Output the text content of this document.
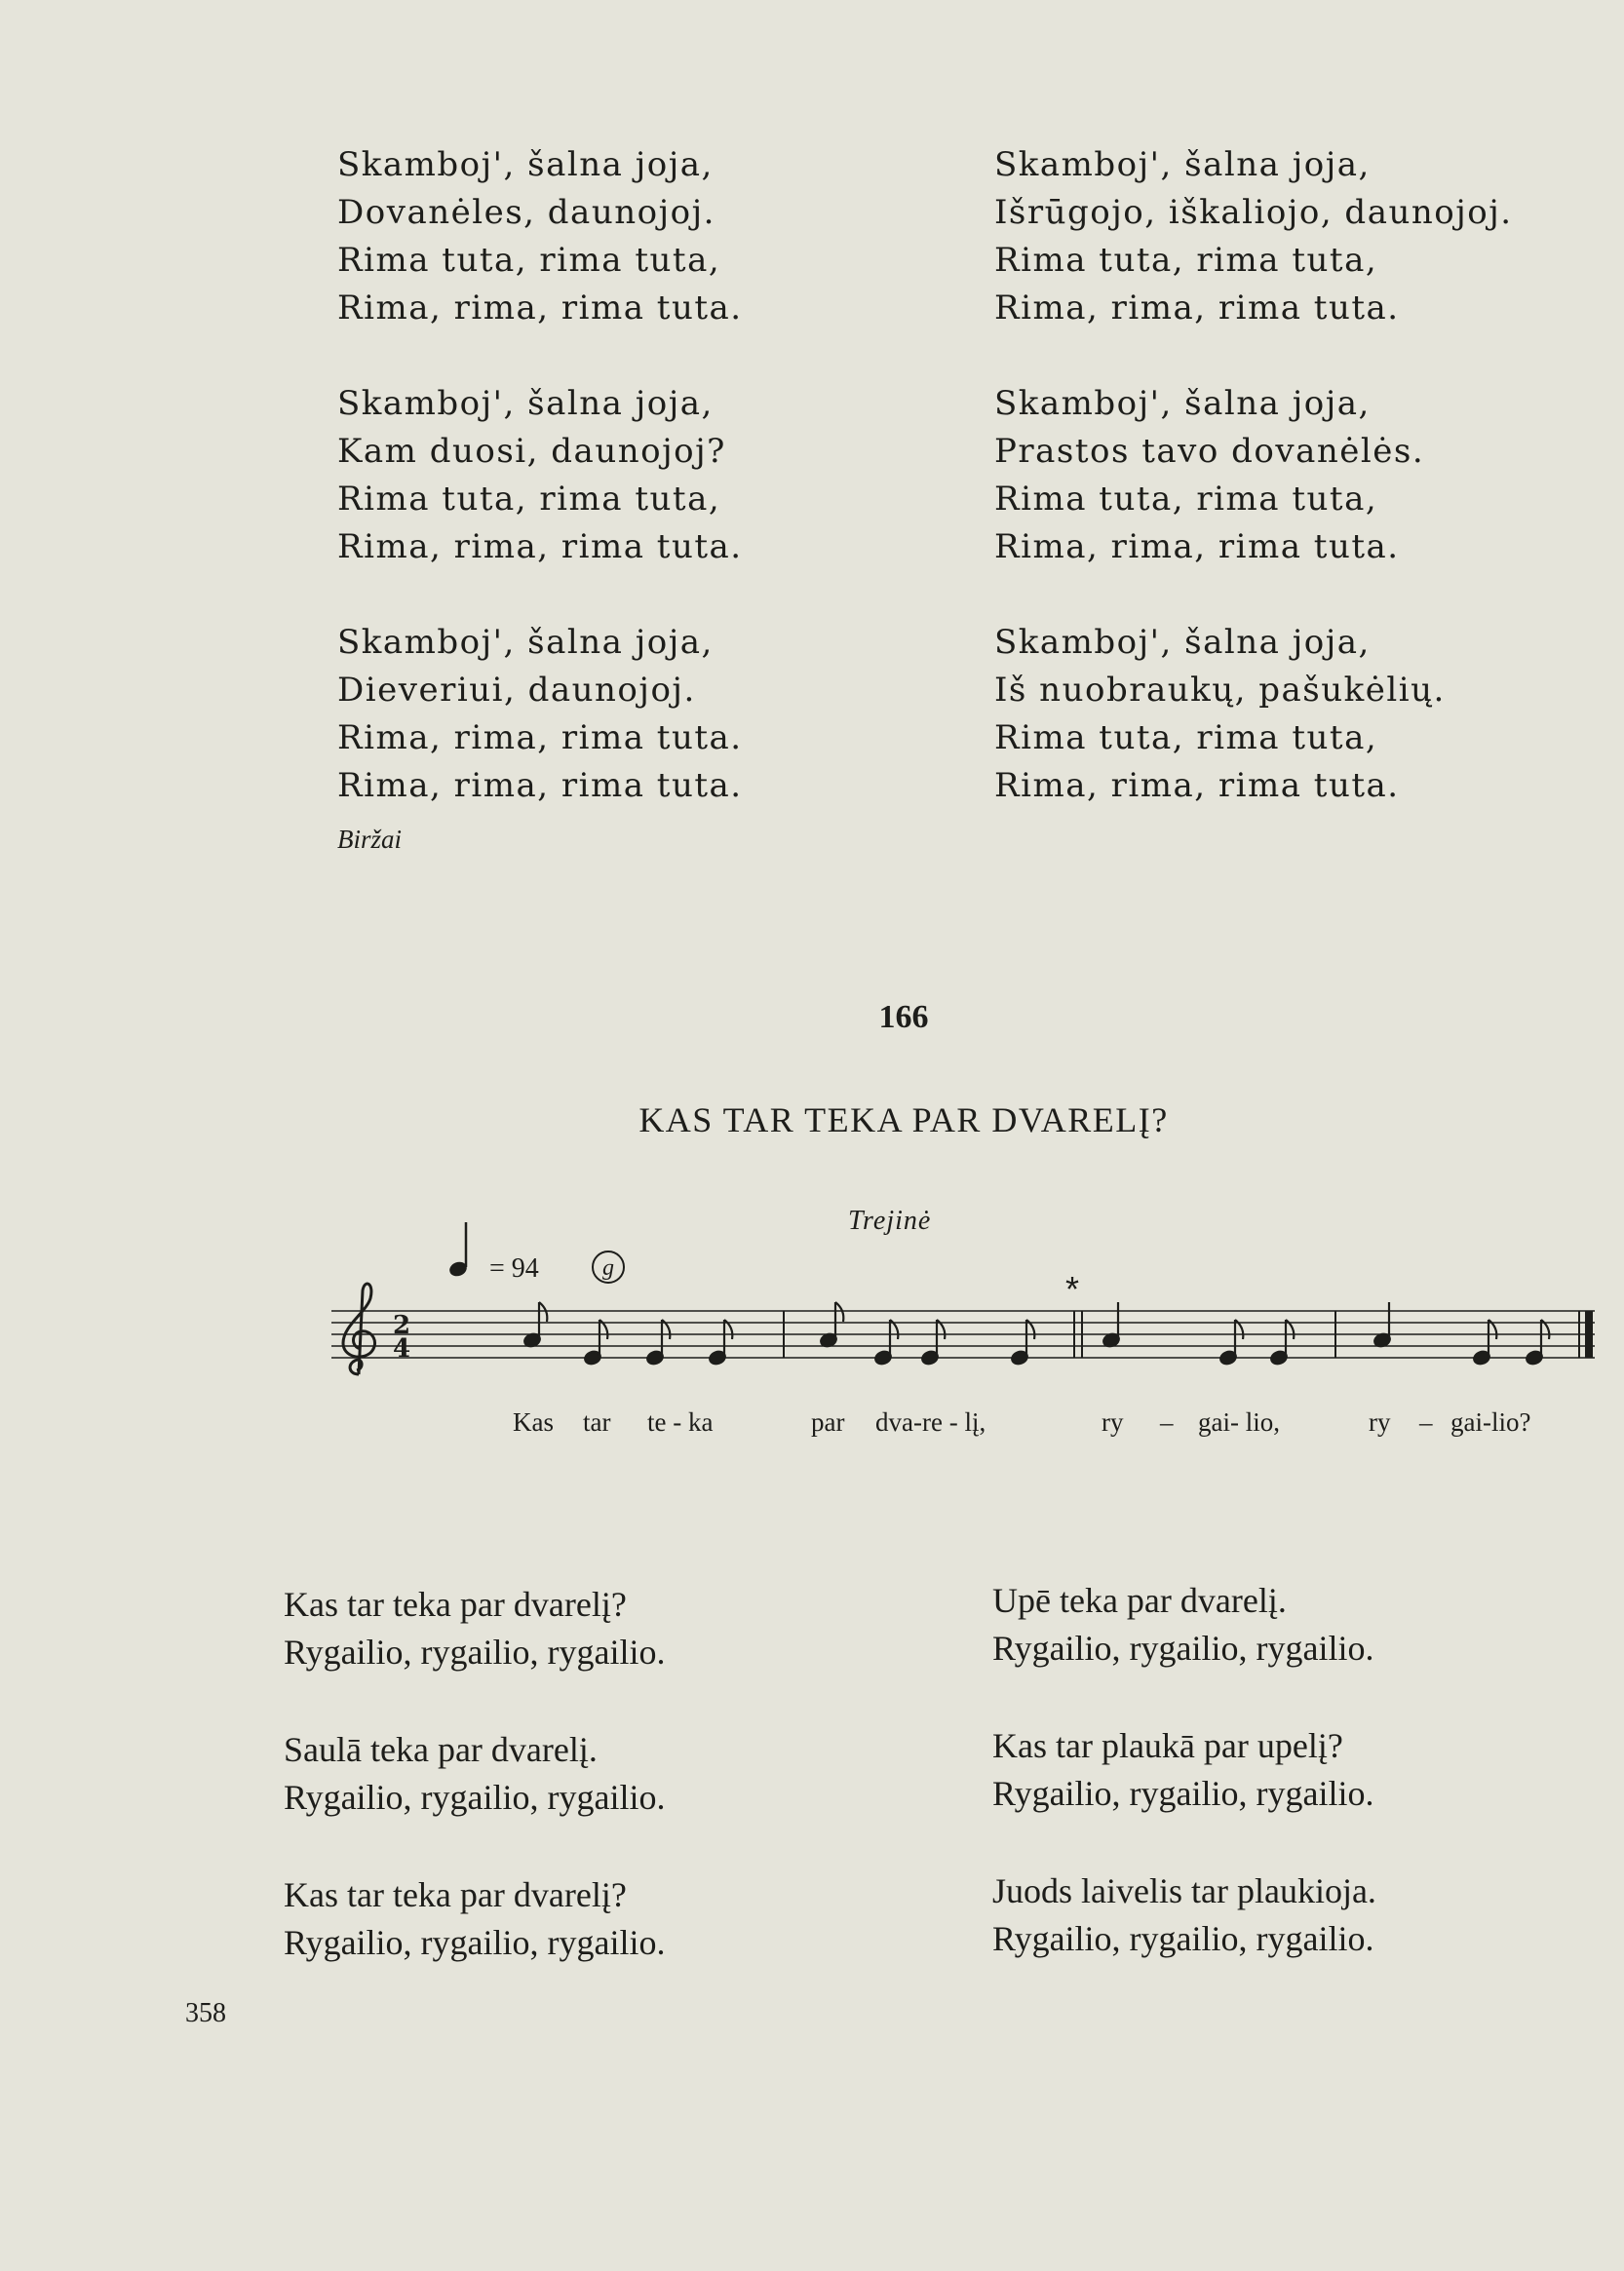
Skamboj', šalna joja,
Dovanėles, daunojoj.
Rima tuta, rima tuta,
Rima, rima, rima tuta.
Skamboj', šalna joja,
Kam duosi, daunojoj?
Rima tuta, rima tuta,
Rima, rima, rima tuta.
Skamboj', šalna joja,
Dieveriui, daunojoj.
Rima, rima, rima tuta.
Rima, rima, rima tuta.
Skamboj', šalna joja,
Išrūgojo, iškaliojo, daunojoj.
Rima tuta, rima tuta,
Rima, rima, rima tuta.
Skamboj', šalna joja,
Prastos tavo dovanėlės.
Rima tuta, rima tuta,
Rima, rima, rima tuta.
Skamboj', šalna joja,
Iš nuobraukų, pašukėlių.
Rima tuta, rima tuta,
Rima, rima, rima tuta.
Biržai
166
KAS TAR TEKA PAR DVARELĮ?
Trejinė
= 94	g
*
2
4
Kas tar te - ka	par dva-re - lį,	ry – gai- lio,	ry – gai-lio?
Kas tar teka par dvarelį?
Rygailio, rygailio, rygailio.
Saulā teka par dvarelį.
Rygailio, rygailio, rygailio.
Kas tar teka par dvarelį?
Rygailio, rygailio, rygailio.
Upē teka par dvarelį.
Rygailio, rygailio, rygailio.
Kas tar plaukā par upelį?
Rygailio, rygailio, rygailio.
Juods laivelis tar plaukioja.
Rygailio, rygailio, rygailio.
358
